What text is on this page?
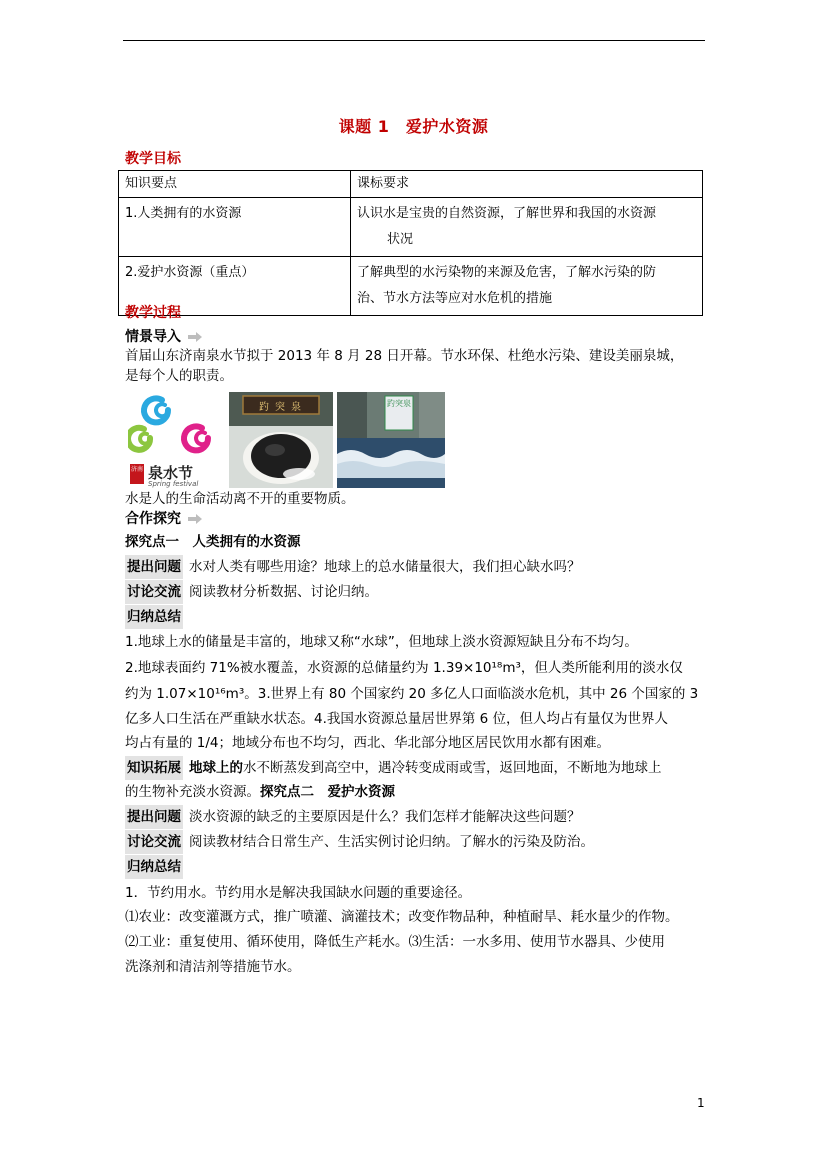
课题 1　爱护水资源
教学目标
知识要点	课标要求
1.人类拥有的水资源	认识水是宝贵的自然资源，了解世界和我国的水资源
状况

2.爱护水资源（重点）	了解典型的水污染物的来源及危害，了解水污染的防
治、节水方法等应对水危机的措施
教学过程
情景导入
首届山东济南泉水节拟于 2013 年 8 月 28 日开幕。节水环保、杜绝水污染、建设美丽泉城，
是每个人的职责。
济南 泉水节
Spring festival
趵突泉	趵突泉
水是人的生命活动离不开的重要物质。
合作探究
探究点一　人类拥有的水资源
提出问题 水对人类有哪些用途？地球上的总水储量很大，我们担心缺水吗？
讨论交流 阅读教材分析数据、讨论归纳。
归纳总结
1.地球上水的储量是丰富的，地球又称“水球”，但地球上淡水资源短缺且分布不均匀。
2.地球表面约 71%被水覆盖，水资源的总储量约为 1.39×10¹⁸m³，但人类所能利用的淡水仅
约为 1.07×10¹⁶m³。3.世界上有 80 个国家约 20 多亿人口面临淡水危机，其中 26 个国家的 3
亿多人口生活在严重缺水状态。4.我国水资源总量居世界第 6 位，但人均占有量仅为世界人
均占有量的 1/4；地域分布也不均匀，西北、华北部分地区居民饮用水都有困难。
知识拓展 地球上的水不断蒸发到高空中，遇冷转变成雨或雪，返回地面，不断地为地球上
的生物补充淡水资源。探究点二　爱护水资源
提出问题 淡水资源的缺乏的主要原因是什么？我们怎样才能解决这些问题？
讨论交流 阅读教材结合日常生产、生活实例讨论归纳。了解水的污染及防治。
归纳总结
1．节约用水。节约用水是解决我国缺水问题的重要途径。
⑴农业：改变灌溉方式，推广喷灌、滴灌技术；改变作物品种，种植耐旱、耗水量少的作物。
⑵工业：重复使用、循环使用，降低生产耗水。⑶生活：一水多用、使用节水器具、少使用
洗涤剂和清洁剂等措施节水。
1
